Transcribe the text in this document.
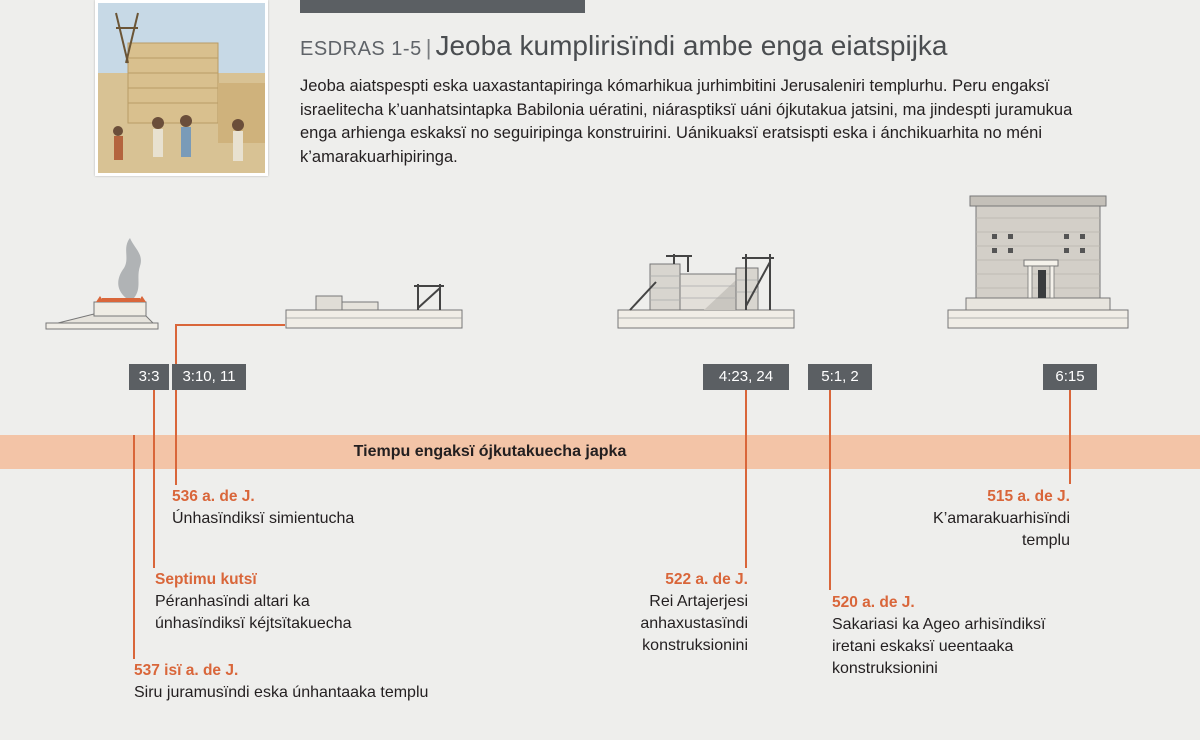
ESDRAS 1-5 | Jeoba kumplirisïndi ambe enga eiatspijka
Jeoba aiatspespti eska uaxastantapiringa kómarhikua jurhimbitini Jerusaleniri templurhu. Peru engaksï israelitecha k’uanhatsintapka Babilonia uératini, niárasptiksï uáni ójkutakua jatsini, ma jindespti juramukua enga arhienga eskaksï no seguiripinga konstruirini. Uánikuaksï eratsispti eska i ánchikuarhita no méni k’amarakuarhipiringa.
Tiempu engaksï ójkutakuecha japka
3:3	3:10, 11	4:23, 24	5:1, 2	6:15
536 a. de J.
Únhasïndiksï simientucha
Septimu kutsï
Péranhasïndi altari ka únhasïndiksï kéjtsïtakuecha
537 isï a. de J.
Siru juramusïndi eska únhantaaka templu
522 a. de J.
Rei Artajerjesi anhaxustasïndi konstruksionini
520 a. de J.
Sakariasi ka Ageo arhisïndiksï iretani eskaksï ueentaaka konstruksionini
515 a. de J.
K’amarakuarhisïndi templu
